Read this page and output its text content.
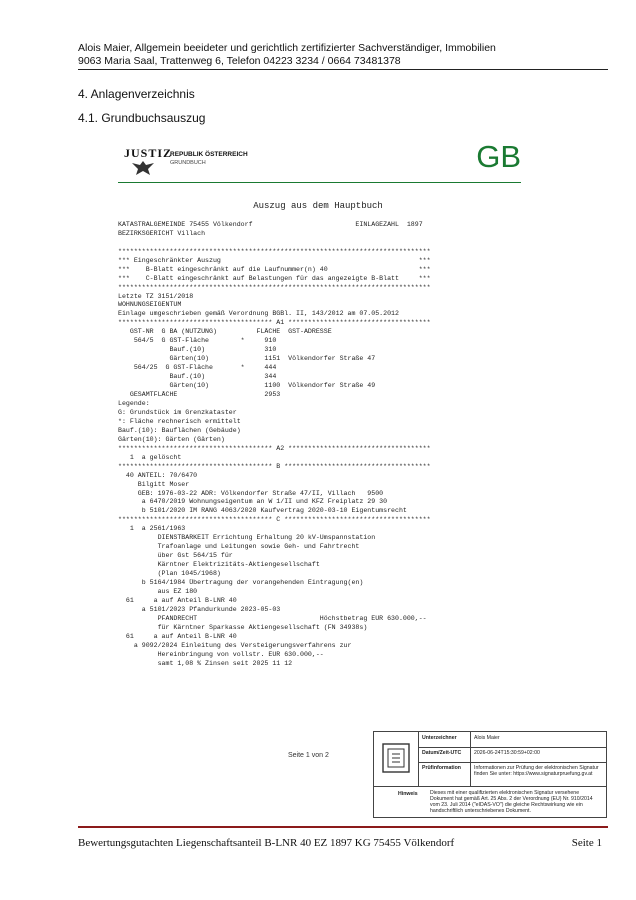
Alois Maier, Allgemein beeideter und gerichtlich zertifizierter Sachverständiger, Immobilien
9063 Maria Saal, Trattenweg 6, Telefon 04223 3234 / 0664 73481378
4. Anlagenverzeichnis
4.1. Grundbuchsauszug
JUSTIZ
REPUBLIK ÖSTERREICH
GRUNDBUCH	GB
Auszug aus dem Hauptbuch

KATASTRALGEMEINDE 75455 Völkendorf                          EINLAGEZAHL  1897
BEZIRKSGERICHT Villach

*******************************************************************************
*** Eingeschränkter Auszug                                                  ***
***    B-Blatt eingeschränkt auf die Laufnummer(n) 40                       ***
***    C-Blatt eingeschränkt auf Belastungen für das angezeigte B-Blatt     ***
*******************************************************************************
Letzte TZ 3151/2018
WOHNUNGSEIGENTUM
Einlage umgeschrieben gemäß Verordnung BGBl. II, 143/2012 am 07.05.2012
*************************************** A1 ************************************
GST-NR  G BA (NUTZUNG)          FLÄCHE  GST-ADRESSE
564/5  G GST-Fläche        *     910
Bauf.(10)               310
Gärten(10)              1151  Völkendorfer Straße 47
564/25  G GST-Fläche       *     444
Bauf.(10)               344
Gärten(10)              1100  Völkendorfer Straße 49
GESAMTFLÄCHE                      2953
Legende:
G: Grundstück im Grenzkataster
*: Fläche rechnerisch ermittelt
Bauf.(10): Bauflächen (Gebäude)
Gärten(10): Gärten (Gärten)
*************************************** A2 ************************************
1  a gelöscht
*************************************** B *************************************
40 ANTEIL: 70/6470
Bilgitt Moser
GEB: 1976-03-22 ADR: Völkendorfer Straße 47/II, Villach   9500
a 6470/2019 Wohnungseigentum an W 1/II und KFZ Freiplatz 29 30
b 5101/2020 IM RANG 4063/2020 Kaufvertrag 2020-03-10 Eigentumsrecht
*************************************** C *************************************
1  a 2561/1963
DIENSTBARKEIT Errichtung Erhaltung 20 kV-Umspannstation
Trafoanlage und Leitungen sowie Geh- und Fahrtrecht
über Gst 564/15 für
Kärntner Elektrizitäts-Aktiengesellschaft
(Plan 1045/1968)
b 5164/1984 Übertragung der vorangehenden Eintragung(en)
aus EZ 180
61     a auf Anteil B-LNR 40
a 5101/2023 Pfandurkunde 2023-05-03
PFANDRECHT                               Höchstbetrag EUR 630.000,--
für Kärntner Sparkasse Aktiengesellschaft (FN 34938s)
61     a auf Anteil B-LNR 40
a 9092/2024 Einleitung des Versteigerungsverfahrens zur
Hereinbringung von vollstr. EUR 630.000,--
samt 1,08 % Zinsen seit 2025 11 12
Seite 1 von 2
Unterzeichner	Alois Maier
Datum/Zeit-UTC 2026-06-24T15:30:59+02:00
Prüfinformation	Informationen zur Prüfung der elektronischen Signatur finden Sie unter: https://www.signaturpruefung.gv.at
Hinweis Dieses mit einer qualifizierten elektronischen Signatur versehene Dokument hat gemäß Art. 25 Abs. 2 der Verordnung (EU) Nr. 910/2014 vom 23. Juli 2014 ("eIDAS-VO") die gleiche Rechtswirkung wie ein handschriftlich unterschriebenes Dokument.
Bewertungsgutachten Liegenschaftsanteil B-LNR 40 EZ 1897 KG 75455 Völkendorf	Seite 1
